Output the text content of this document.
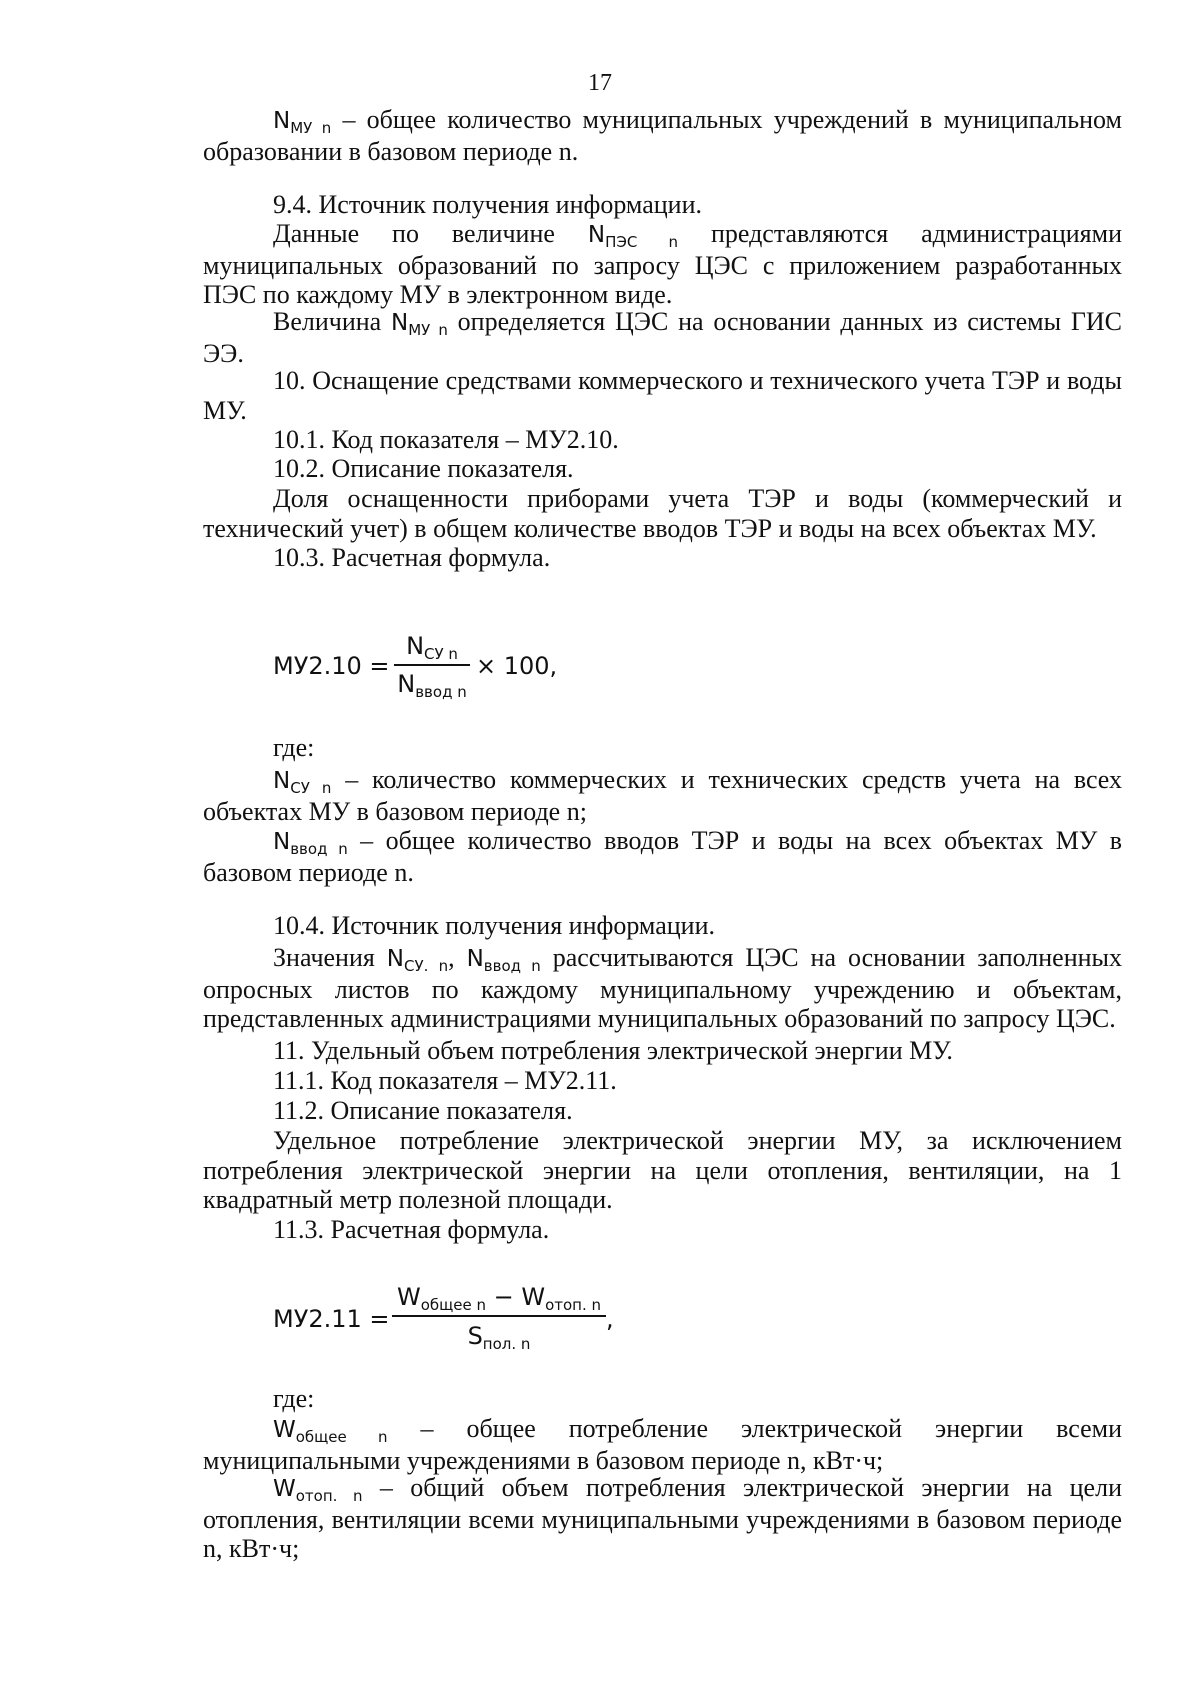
17

$N_{МУ n}$ – общее количество муниципальных учреждений в муниципальном образовании в базовом периоде n.

9.4. Источник получения информации.

Данные по величине $N_{ПЭС n}$ представляются администрациями муниципальных образований по запросу ЦЭС с приложением разработанных ПЭС по каждому МУ в электронном виде.

Величина $N_{МУ n}$ определяется ЦЭС на основании данных из системы ГИС ЭЭ.

10. Оснащение средствами коммерческого и технического учета ТЭР и воды МУ.

10.1. Код показателя – МУ2.10.

10.2. Описание показателя.

Доля оснащенности приборами учета ТЭР и воды (коммерческий и технический учет) в общем количестве вводов ТЭР и воды на всех объектах МУ.

10.3. Расчетная формула.

МУ2.10 =
$N_{СУ n}$
$N_{ввод n}$
× 100,

где:

$N_{СУ n}$ – количество коммерческих и технических средств учета на всех объектах МУ в базовом периоде n;

$N_{ввод n}$ – общее количество вводов ТЭР и воды на всех объектах МУ в базовом периоде n.

10.4. Источник получения информации.

Значения $N_{СУ. n}$, $N_{ввод n}$ рассчитываются ЦЭС на основании заполненных опросных листов по каждому муниципальному учреждению и объектам, представленных администрациями муниципальных образований по запросу ЦЭС.

11. Удельный объем потребления электрической энергии МУ.

11.1. Код показателя – МУ2.11.

11.2. Описание показателя.

Удельное потребление электрической энергии МУ, за исключением потребления электрической энергии на цели отопления, вентиляции, на 1 квадратный метр полезной площади.

11.3. Расчетная формула.

МУ2.11 =
$W_{общее n} - W_{отоп. n}$
$S_{пол. n}$
,

где:

$W_{общее n}$ – общее потребление электрической энергии всеми муниципальными учреждениями в базовом периоде n, кВт·ч;

$W_{отоп. n}$ – общий объем потребления электрической энергии на цели отопления, вентиляции всеми муниципальными учреждениями в базовом периоде n, кВт·ч;
